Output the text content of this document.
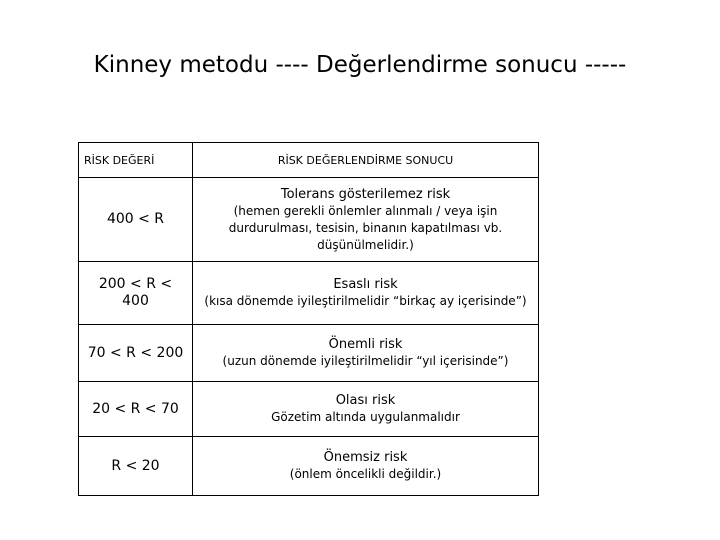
Kinney metodu ---- Değerlendirme sonucu -----
RİSK DEĞERİ	RİSK DEĞERLENDİRME SONUCU
400 < R	Tolerans gösterilemez risk
(hemen gerekli önlemler alınmalı / veya işin durdurulması, tesisin, binanın kapatılması vb. düşünülmelidir.)

200 < R < 400	Esaslı risk
(kısa dönemde iyileştirilmelidir “birkaç ay içerisinde”)

70 < R < 200	Önemli risk
(uzun dönemde iyileştirilmelidir “yıl içerisinde”)

20 < R < 70	Olası risk
Gözetim altında uygulanmalıdır

R < 20	Önemsiz risk
(önlem öncelikli değildir.)
